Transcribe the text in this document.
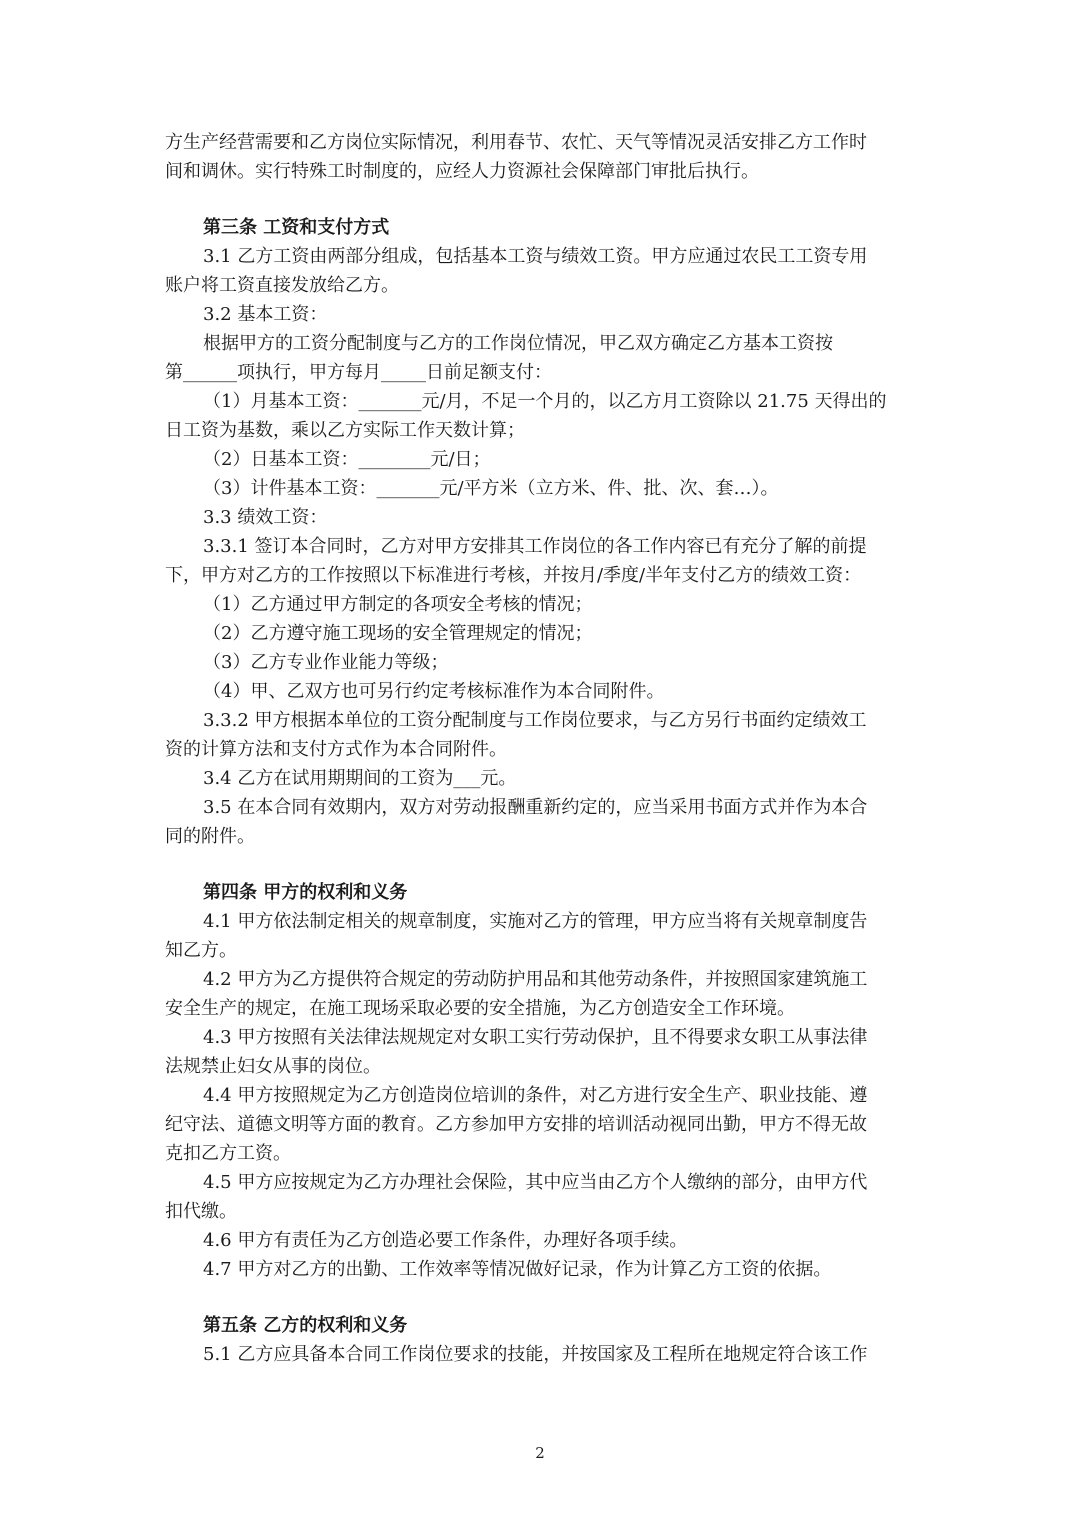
方生产经营需要和乙方岗位实际情况，利用春节、农忙、天气等情况灵活安排乙方工作时
间和调休。实行特殊工时制度的，应经人力资源社会保障部门审批后执行。
第三条 工资和支付方式
3.1 乙方工资由两部分组成，包括基本工资与绩效工资。甲方应通过农民工工资专用
账户将工资直接发放给乙方。
3.2 基本工资：
根据甲方的工资分配制度与乙方的工作岗位情况，甲乙双方确定乙方基本工资按
第______项执行，甲方每月_____日前足额支付：
（1）月基本工资：_______元/月，不足一个月的，以乙方月工资除以 21.75 天得出的
日工资为基数，乘以乙方实际工作天数计算；
（2）日基本工资：________元/日；
（3）计件基本工资：_______元/平方米（立方米、件、批、次、套…）。
3.3 绩效工资：
3.3.1 签订本合同时，乙方对甲方安排其工作岗位的各工作内容已有充分了解的前提
下，甲方对乙方的工作按照以下标准进行考核，并按月/季度/半年支付乙方的绩效工资：
（1）乙方通过甲方制定的各项安全考核的情况；
（2）乙方遵守施工现场的安全管理规定的情况；
（3）乙方专业作业能力等级；
（4）甲、乙双方也可另行约定考核标准作为本合同附件。
3.3.2 甲方根据本单位的工资分配制度与工作岗位要求，与乙方另行书面约定绩效工
资的计算方法和支付方式作为本合同附件。
3.4 乙方在试用期期间的工资为___元。
3.5 在本合同有效期内，双方对劳动报酬重新约定的，应当采用书面方式并作为本合
同的附件。
第四条 甲方的权利和义务
4.1 甲方依法制定相关的规章制度，实施对乙方的管理，甲方应当将有关规章制度告
知乙方。
4.2 甲方为乙方提供符合规定的劳动防护用品和其他劳动条件，并按照国家建筑施工
安全生产的规定，在施工现场采取必要的安全措施，为乙方创造安全工作环境。
4.3 甲方按照有关法律法规规定对女职工实行劳动保护，且不得要求女职工从事法律
法规禁止妇女从事的岗位。
4.4 甲方按照规定为乙方创造岗位培训的条件，对乙方进行安全生产、职业技能、遵
纪守法、道德文明等方面的教育。乙方参加甲方安排的培训活动视同出勤，甲方不得无故
克扣乙方工资。
4.5 甲方应按规定为乙方办理社会保险，其中应当由乙方个人缴纳的部分，由甲方代
扣代缴。
4.6 甲方有责任为乙方创造必要工作条件，办理好各项手续。
4.7 甲方对乙方的出勤、工作效率等情况做好记录，作为计算乙方工资的依据。
第五条 乙方的权利和义务
5.1 乙方应具备本合同工作岗位要求的技能，并按国家及工程所在地规定符合该工作
2
